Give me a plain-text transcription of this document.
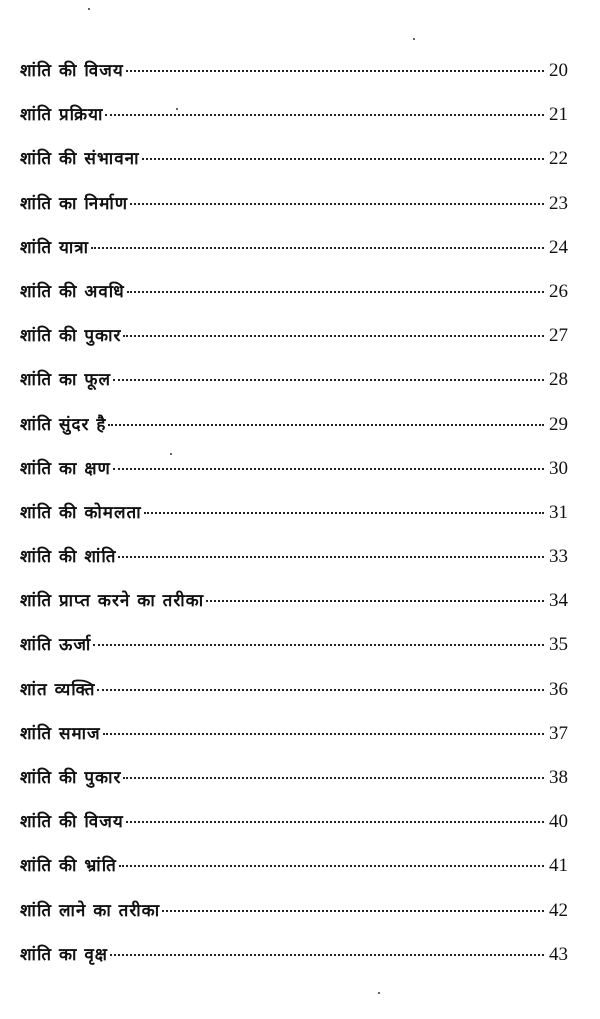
शांति की विजय	20
शांति प्रक्रिया	21
शांति की संभावना	22
शांति का निर्माण	23
शांति यात्रा	24
शांति की अवधि	26
शांति की पुकार	27
शांति का फूल	28
शांति सुंदर है	29
शांति का क्षण	30
शांति की कोमलता	31
शांति की शांति	33
शांति प्राप्त करने का तरीका	34
शांति ऊर्जा	35
शांत व्यक्ति	36
शांति समाज	37
शांति की पुकार	38
शांति की विजय	40
शांति की भ्रांति	41
शांति लाने का तरीका	42
शांति का वृक्ष	43
